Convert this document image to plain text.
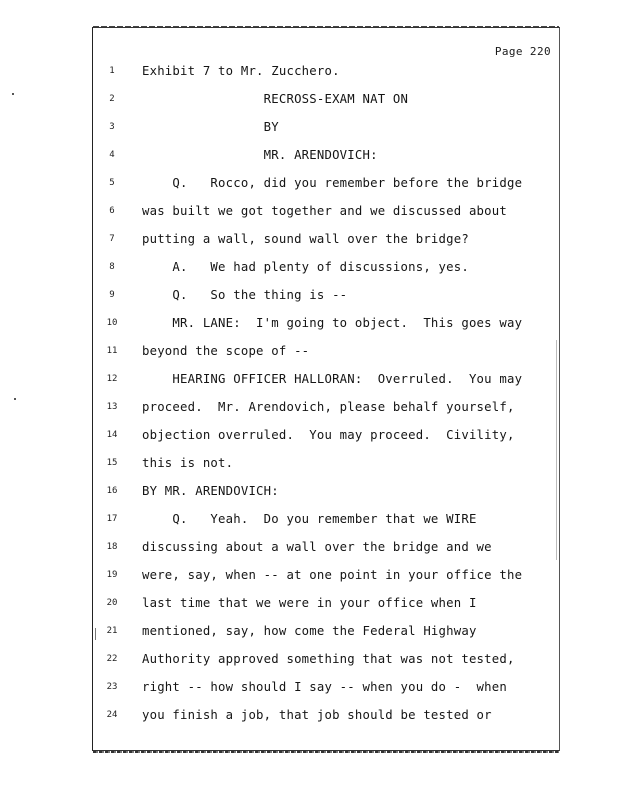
Page 220
1
2
3
4
5
6
7
8
9
10
11
12
13
14
15
16
17
18
19
20
21
22
23
24
Exhibit 7 to Mr. Zucchero.
RECROSS-EXAM NAT ON
BY
MR. ARENDOVICH:
Q.   Rocco, did you remember before the bridge
was built we got together and we discussed about
putting a wall, sound wall over the bridge?
A.   We had plenty of discussions, yes.
Q.   So the thing is --
MR. LANE:  I'm going to object.  This goes way
beyond the scope of --
HEARING OFFICER HALLORAN:  Overruled.  You may
proceed.  Mr. Arendovich, please behalf yourself,
objection overruled.  You may proceed.  Civility,
this is not.
BY MR. ARENDOVICH:
Q.   Yeah.  Do you remember that we WIRE
discussing about a wall over the bridge and we
were, say, when -- at one point in your office the
last time that we were in your office when I
mentioned, say, how come the Federal Highway
Authority approved something that was not tested,
right -- how should I say -- when you do -  when
you finish a job, that job should be tested or
